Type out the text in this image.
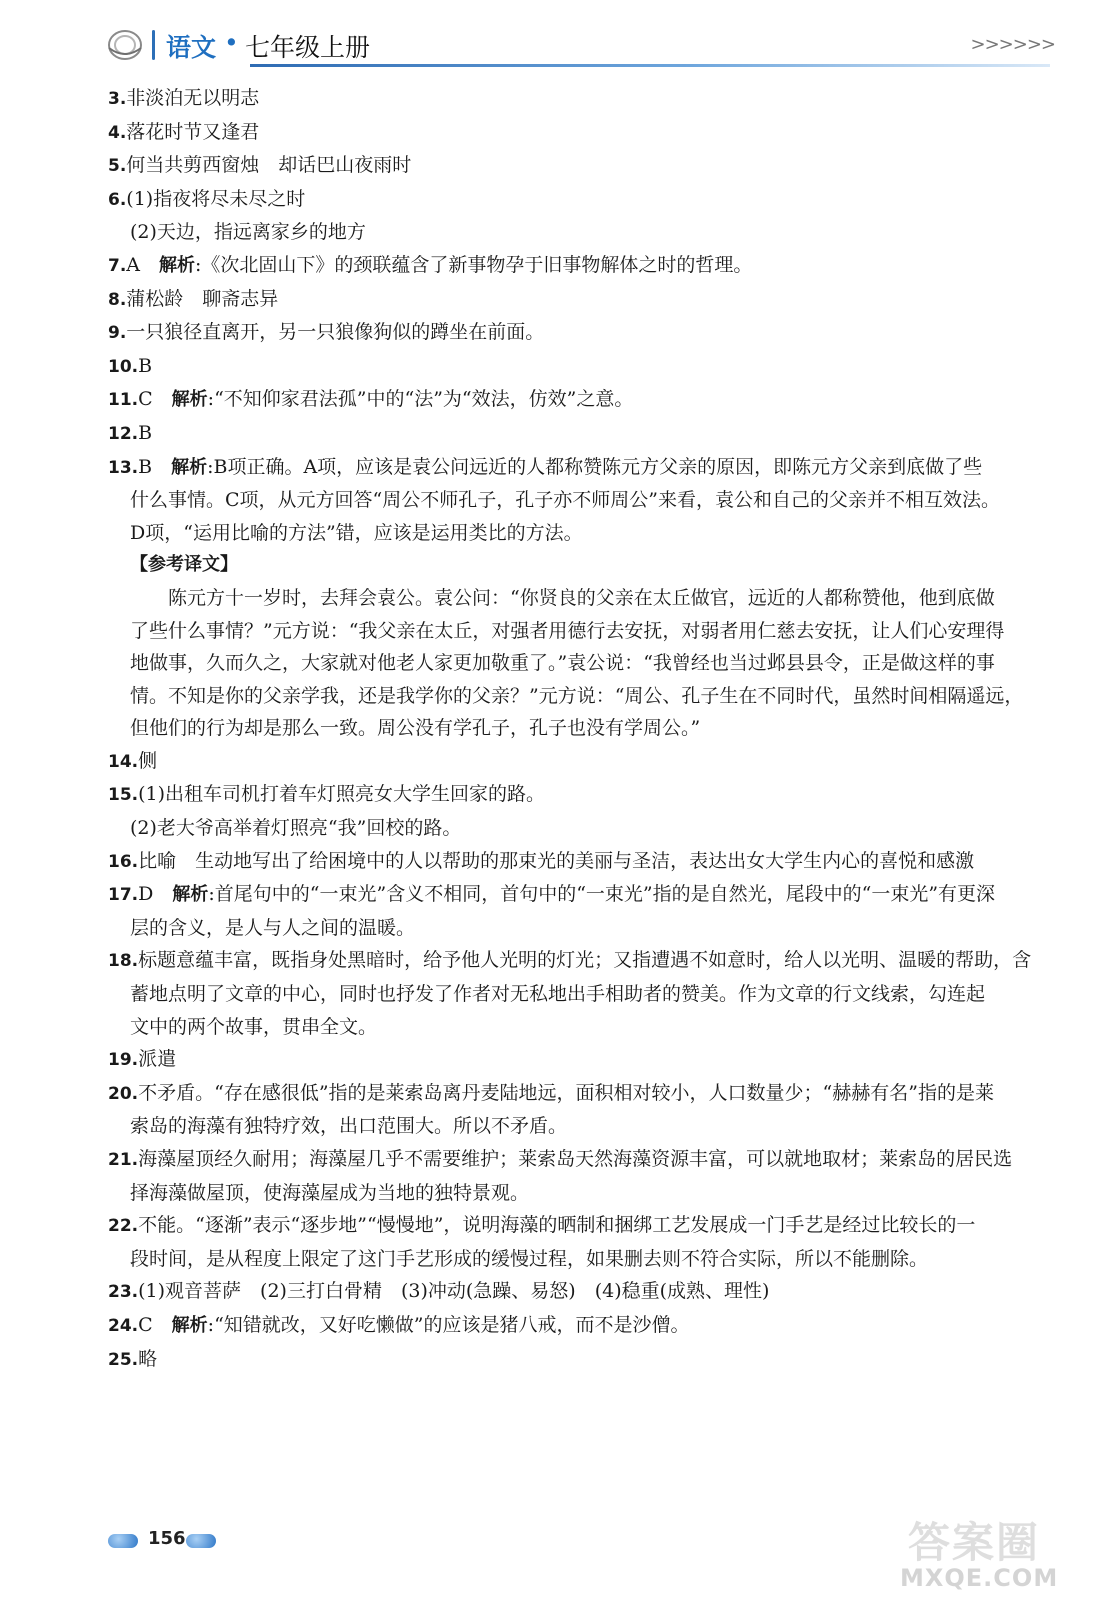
语文 • 七年级上册	>>>>>>
3.非淡泊无以明志
4.落花时节又逢君
5.何当共剪西窗烛　却话巴山夜雨时
6.(1)指夜将尽未尽之时
(2)天边，指远离家乡的地方
7.A　解析:《次北固山下》的颈联蕴含了新事物孕于旧事物解体之时的哲理。
8.蒲松龄　聊斋志异
9.一只狼径直离开，另一只狼像狗似的蹲坐在前面。
10.B
11.C　解析:“不知仰家君法孤”中的“法”为“效法，仿效”之意。
12.B
13.B　解析:B项正确。A项，应该是袁公问远近的人都称赞陈元方父亲的原因，即陈元方父亲到底做了些
什么事情。C项，从元方回答“周公不师孔子，孔子亦不师周公”来看，袁公和自己的父亲并不相互效法。
D项，“运用比喻的方法”错，应该是运用类比的方法。
【参考译文】
陈元方十一岁时，去拜会袁公。袁公问：“你贤良的父亲在太丘做官，远近的人都称赞他，他到底做
了些什么事情？”元方说：“我父亲在太丘，对强者用德行去安抚，对弱者用仁慈去安抚，让人们心安理得
地做事，久而久之，大家就对他老人家更加敬重了。”袁公说：“我曾经也当过邺县县令，正是做这样的事
情。不知是你的父亲学我，还是我学你的父亲？”元方说：“周公、孔子生在不同时代，虽然时间相隔遥远，
但他们的行为却是那么一致。周公没有学孔子，孔子也没有学周公。”
14.侧
15.(1)出租车司机打着车灯照亮女大学生回家的路。
(2)老大爷高举着灯照亮“我”回校的路。
16.比喻　生动地写出了给困境中的人以帮助的那束光的美丽与圣洁，表达出女大学生内心的喜悦和感激
17.D　解析:首尾句中的“一束光”含义不相同，首句中的“一束光”指的是自然光，尾段中的“一束光”有更深
层的含义，是人与人之间的温暖。
18.标题意蕴丰富，既指身处黑暗时，给予他人光明的灯光；又指遭遇不如意时，给人以光明、温暖的帮助，含
蓄地点明了文章的中心，同时也抒发了作者对无私地出手相助者的赞美。作为文章的行文线索，勾连起
文中的两个故事，贯串全文。
19.派遣
20.不矛盾。“存在感很低”指的是莱索岛离丹麦陆地远，面积相对较小，人口数量少；“赫赫有名”指的是莱
索岛的海藻有独特疗效，出口范围大。所以不矛盾。
21.海藻屋顶经久耐用；海藻屋几乎不需要维护；莱索岛天然海藻资源丰富，可以就地取材；莱索岛的居民选
择海藻做屋顶，使海藻屋成为当地的独特景观。
22.不能。“逐渐”表示“逐步地”“慢慢地”，说明海藻的晒制和捆绑工艺发展成一门手艺是经过比较长的一
段时间，是从程度上限定了这门手艺形成的缓慢过程，如果删去则不符合实际，所以不能删除。
23.(1)观音菩萨　(2)三打白骨精　(3)冲动(急躁、易怒)　(4)稳重(成熟、理性)
24.C　解析:“知错就改，又好吃懒做”的应该是猪八戒，而不是沙僧。
25.略
156	答案圈
MXQE.COM
